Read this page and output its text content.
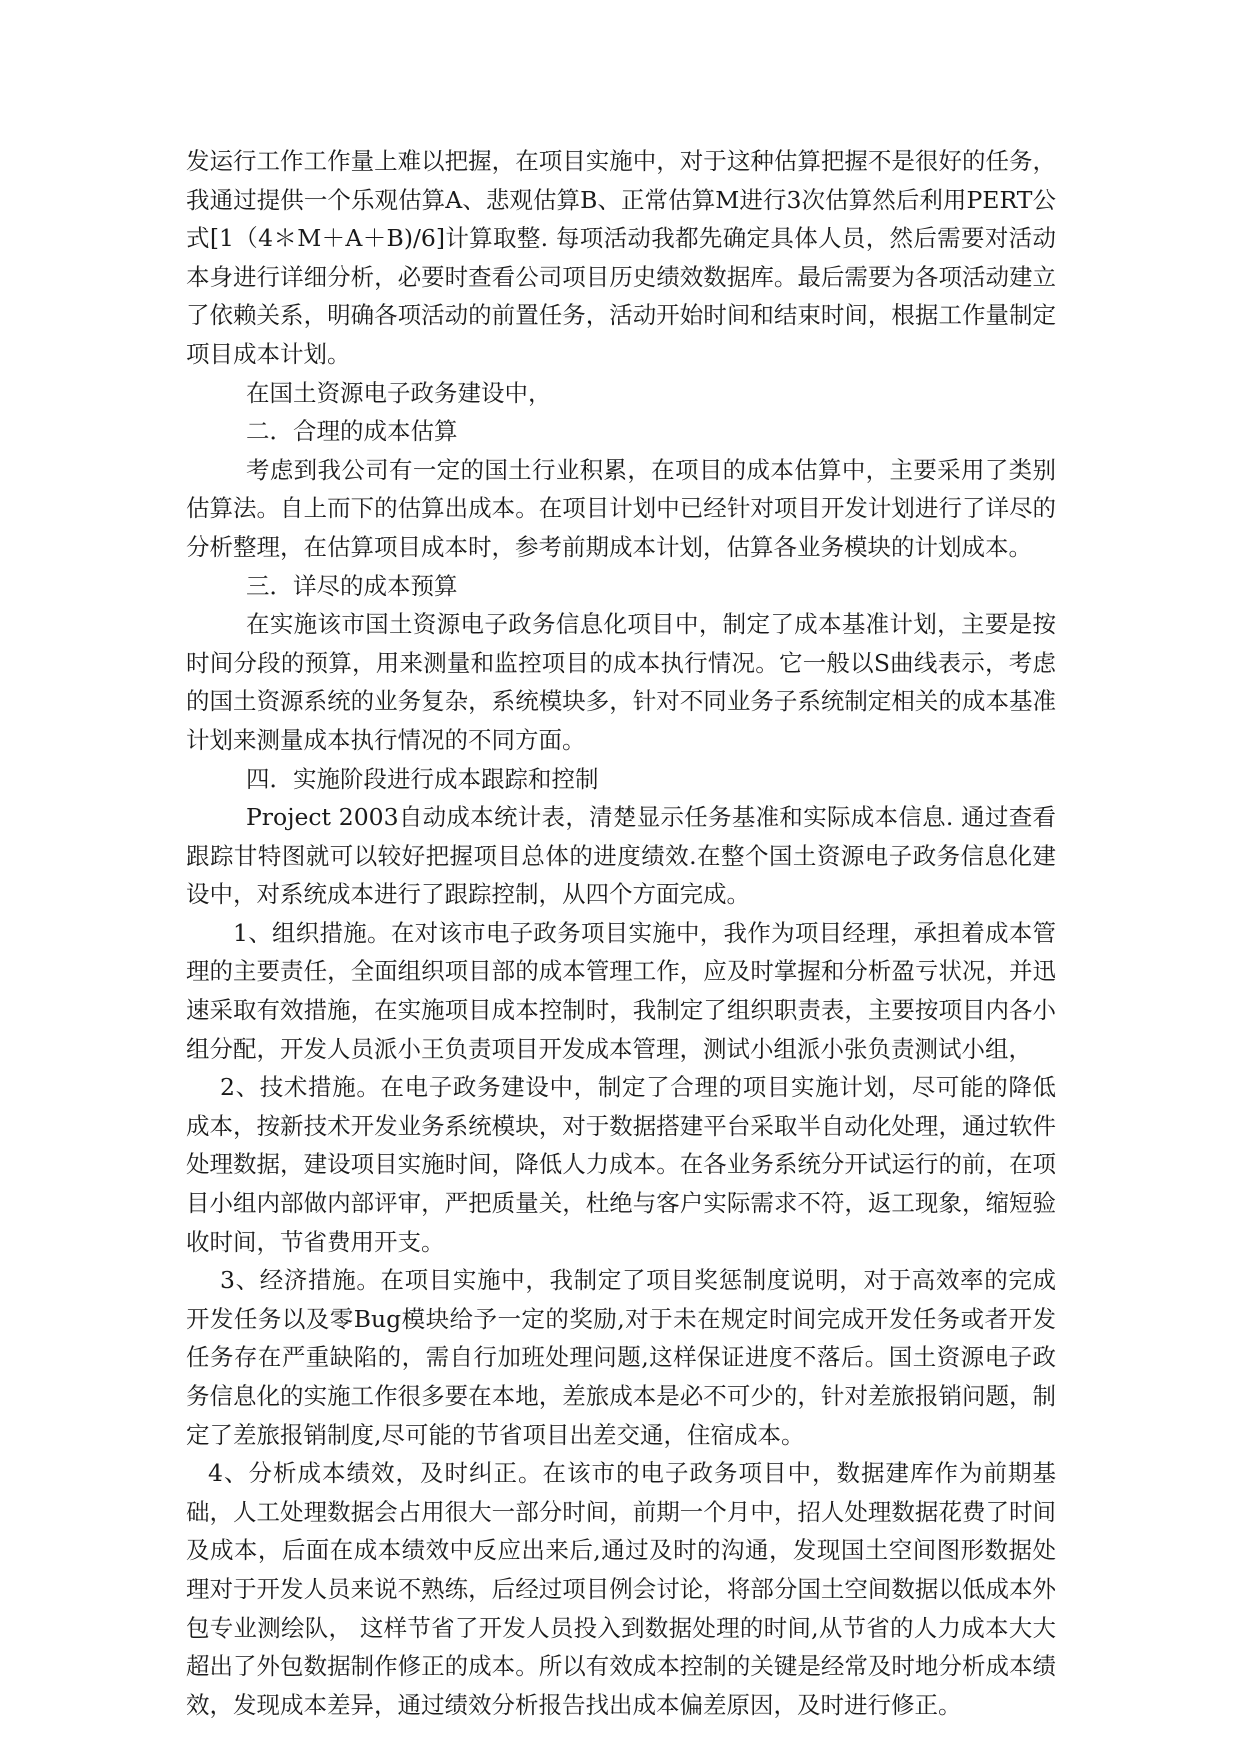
发运行工作工作量上难以把握，在项目实施中，对于这种估算把握不是很好的任务，我通过提供一个乐观估算A、悲观估算B、正常估算M进行3次估算然后利用PERT公式[1（4＊M＋A＋B)/6]计算取整. 每项活动我都先确定具体人员，然后需要对活动本身进行详细分析，必要时查看公司项目历史绩效数据库。最后需要为各项活动建立了依赖关系，明确各项活动的前置任务，活动开始时间和结束时间，根据工作量制定项目成本计划。

在国土资源电子政务建设中，

二．合理的成本估算

考虑到我公司有一定的国土行业积累，在项目的成本估算中，主要采用了类别估算法。自上而下的估算出成本。在项目计划中已经针对项目开发计划进行了详尽的分析整理，在估算项目成本时，参考前期成本计划，估算各业务模块的计划成本。

三．详尽的成本预算

在实施该市国土资源电子政务信息化项目中，制定了成本基准计划，主要是按时间分段的预算，用来测量和监控项目的成本执行情况。它一般以S曲线表示，考虑的国土资源系统的业务复杂，系统模块多，针对不同业务子系统制定相关的成本基准计划来测量成本执行情况的不同方面。

四．实施阶段进行成本跟踪和控制

Project 2003自动成本统计表，清楚显示任务基准和实际成本信息. 通过查看跟踪甘特图就可以较好把握项目总体的进度绩效.在整个国土资源电子政务信息化建设中，对系统成本进行了跟踪控制，从四个方面完成。

1、组织措施。在对该市电子政务项目实施中，我作为项目经理，承担着成本管理的主要责任，全面组织项目部的成本管理工作，应及时掌握和分析盈亏状况，并迅速采取有效措施，在实施项目成本控制时，我制定了组织职责表，主要按项目内各小组分配，开发人员派小王负责项目开发成本管理，测试小组派小张负责测试小组，

2、技术措施。在电子政务建设中，制定了合理的项目实施计划，尽可能的降低成本，按新技术开发业务系统模块，对于数据搭建平台采取半自动化处理，通过软件处理数据，建设项目实施时间，降低人力成本。在各业务系统分开试运行的前，在项目小组内部做内部评审，严把质量关，杜绝与客户实际需求不符，返工现象，缩短验收时间，节省费用开支。

3、经济措施。在项目实施中，我制定了项目奖惩制度说明，对于高效率的完成开发任务以及零Bug模块给予一定的奖励,对于未在规定时间完成开发任务或者开发任务存在严重缺陷的，需自行加班处理问题,这样保证进度不落后。国土资源电子政务信息化的实施工作很多要在本地，差旅成本是必不可少的，针对差旅报销问题，制定了差旅报销制度,尽可能的节省项目出差交通，住宿成本。

4、分析成本绩效，及时纠正。在该市的电子政务项目中，数据建库作为前期基础，人工处理数据会占用很大一部分时间，前期一个月中，招人处理数据花费了时间及成本，后面在成本绩效中反应出来后,通过及时的沟通，发现国土空间图形数据处理对于开发人员来说不熟练，后经过项目例会讨论，将部分国土空间数据以低成本外包专业测绘队， 这样节省了开发人员投入到数据处理的时间,从节省的人力成本大大超出了外包数据制作修正的成本。所以有效成本控制的关键是经常及时地分析成本绩效，发现成本差异，通过绩效分析报告找出成本偏差原因，及时进行修正。
